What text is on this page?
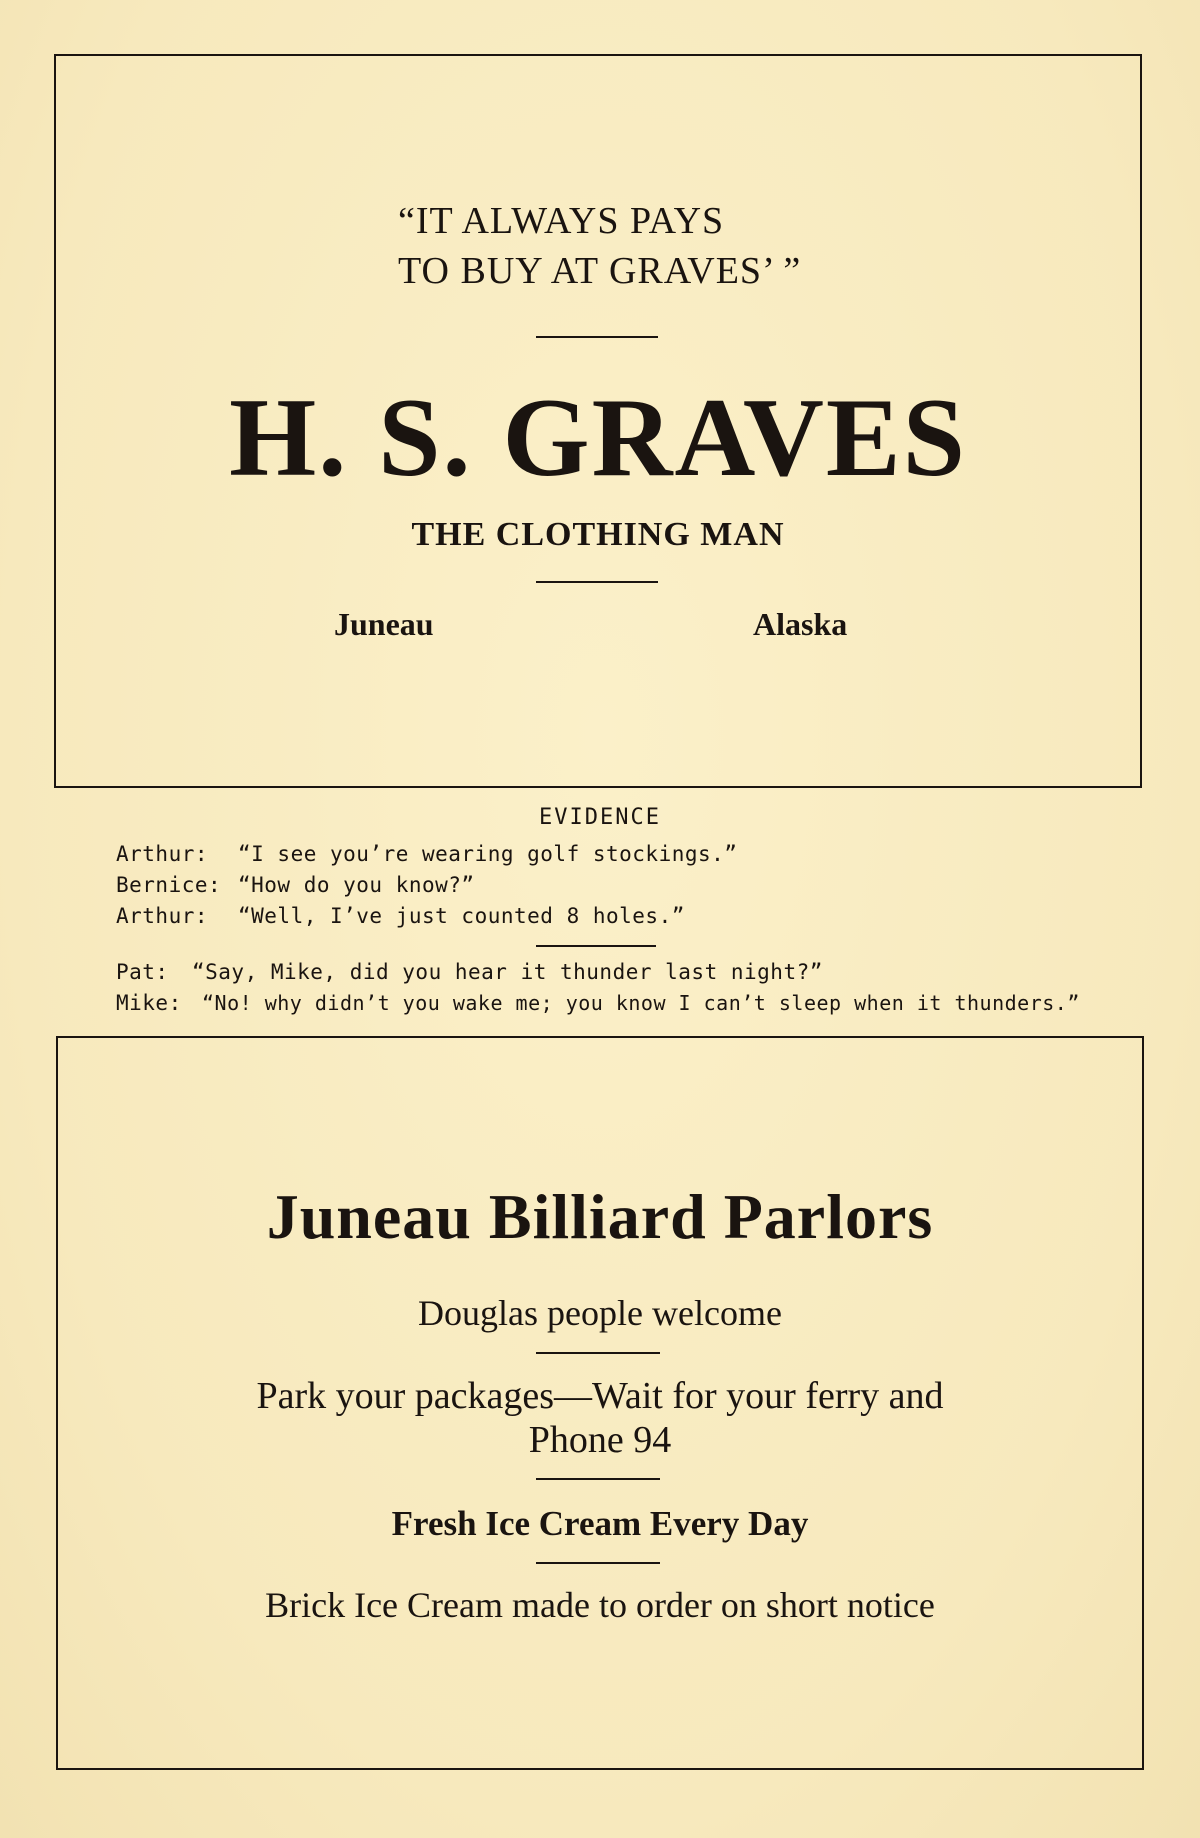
“IT ALWAYS PAYS
TO BUY AT GRAVES’ ”
H. S. GRAVES
THE CLOTHING MAN
Juneau	Alaska
EVIDENCE
Arthur: “I see you’re wearing golf stockings.”
Bernice: “How do you know?”
Arthur: “Well, I’ve just counted 8 holes.”
Pat: “Say, Mike, did you hear it thunder last night?”
Mike: “No! why didn’t you wake me; you know I can’t sleep when it thunders.”
Juneau Billiard Parlors
Douglas people welcome
Park your packages—Wait for your ferry and
Phone 94
Fresh Ice Cream Every Day
Brick Ice Cream made to order on short notice
